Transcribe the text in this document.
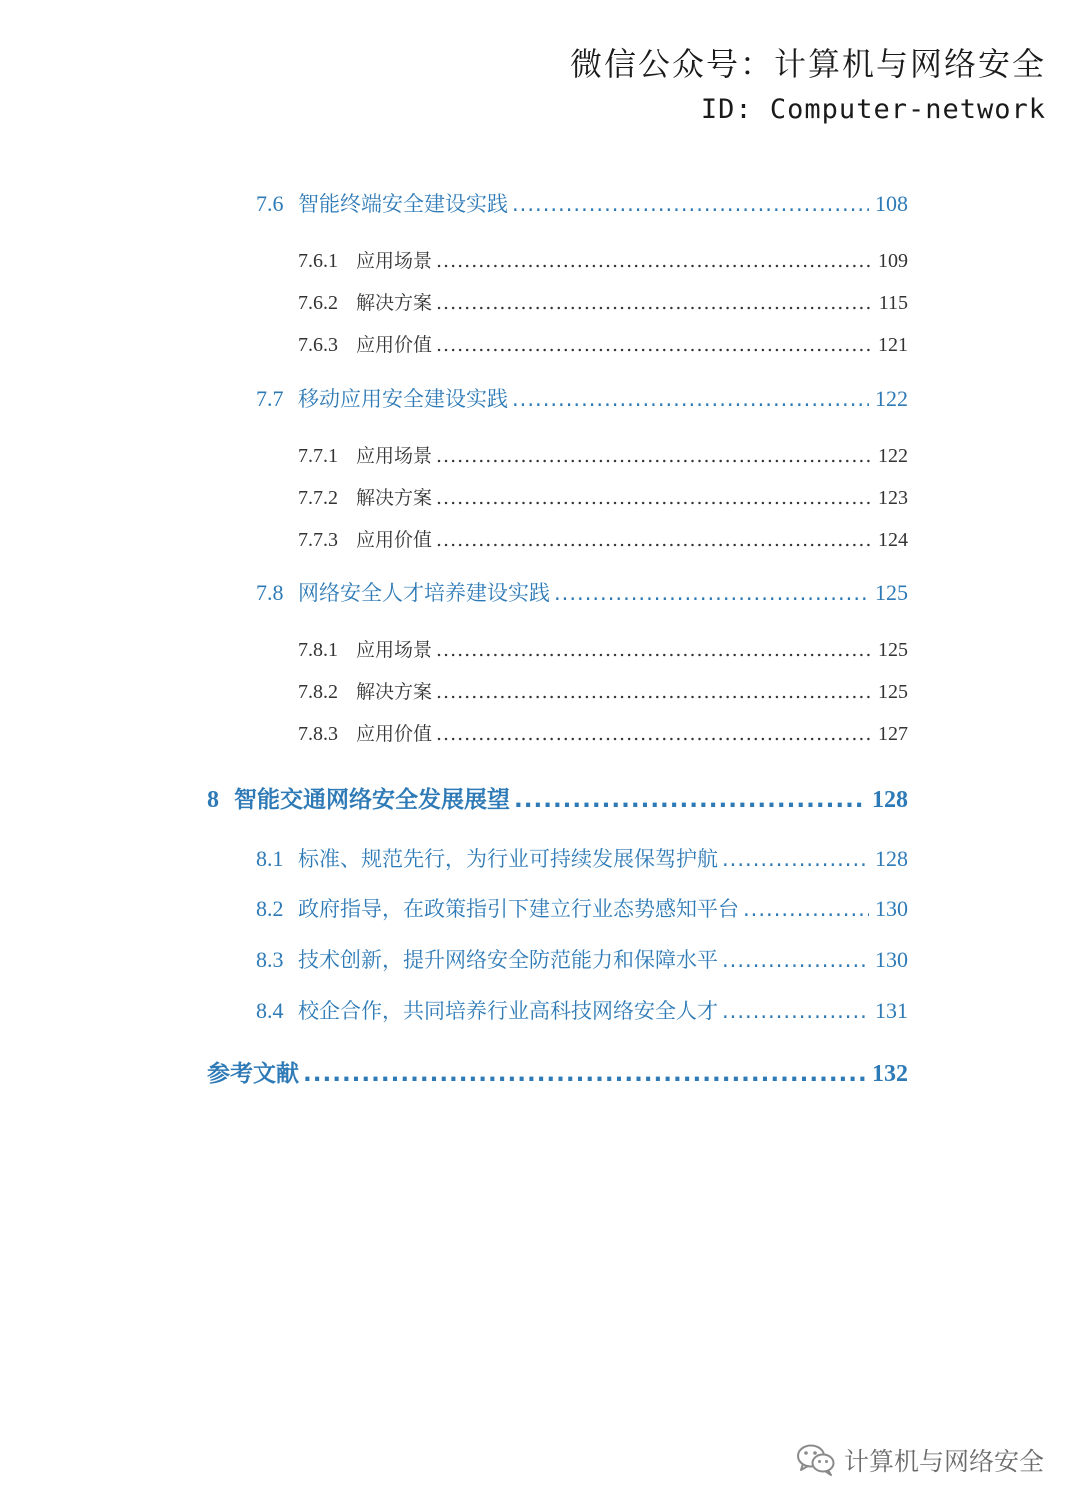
微信公众号：计算机与网络安全
ID: Computer-network
7.6 智能终端安全建设实践 .....	108
7.6.1 应用场景 .....	109
7.6.2 解决方案 .....	115
7.6.3 应用价值 .....	121
7.7 移动应用安全建设实践 .....	122
7.7.1 应用场景 .....	122
7.7.2 解决方案 .....	123
7.7.3 应用价值 .....	124
7.8 网络安全人才培养建设实践 .....	125
7.8.1 应用场景 .....	125
7.8.2 解决方案 .....	125
7.8.3 应用价值 .....	127
8 智能交通网络安全发展展望 .....	128
8.1 标准、规范先行，为行业可持续发展保驾护航 .....	128
8.2 政府指导，在政策指引下建立行业态势感知平台 .....	130
8.3 技术创新，提升网络安全防范能力和保障水平 .....	130
8.4 校企合作，共同培养行业高科技网络安全人才 .....	131
参考文献 .....	132
计算机与网络安全
